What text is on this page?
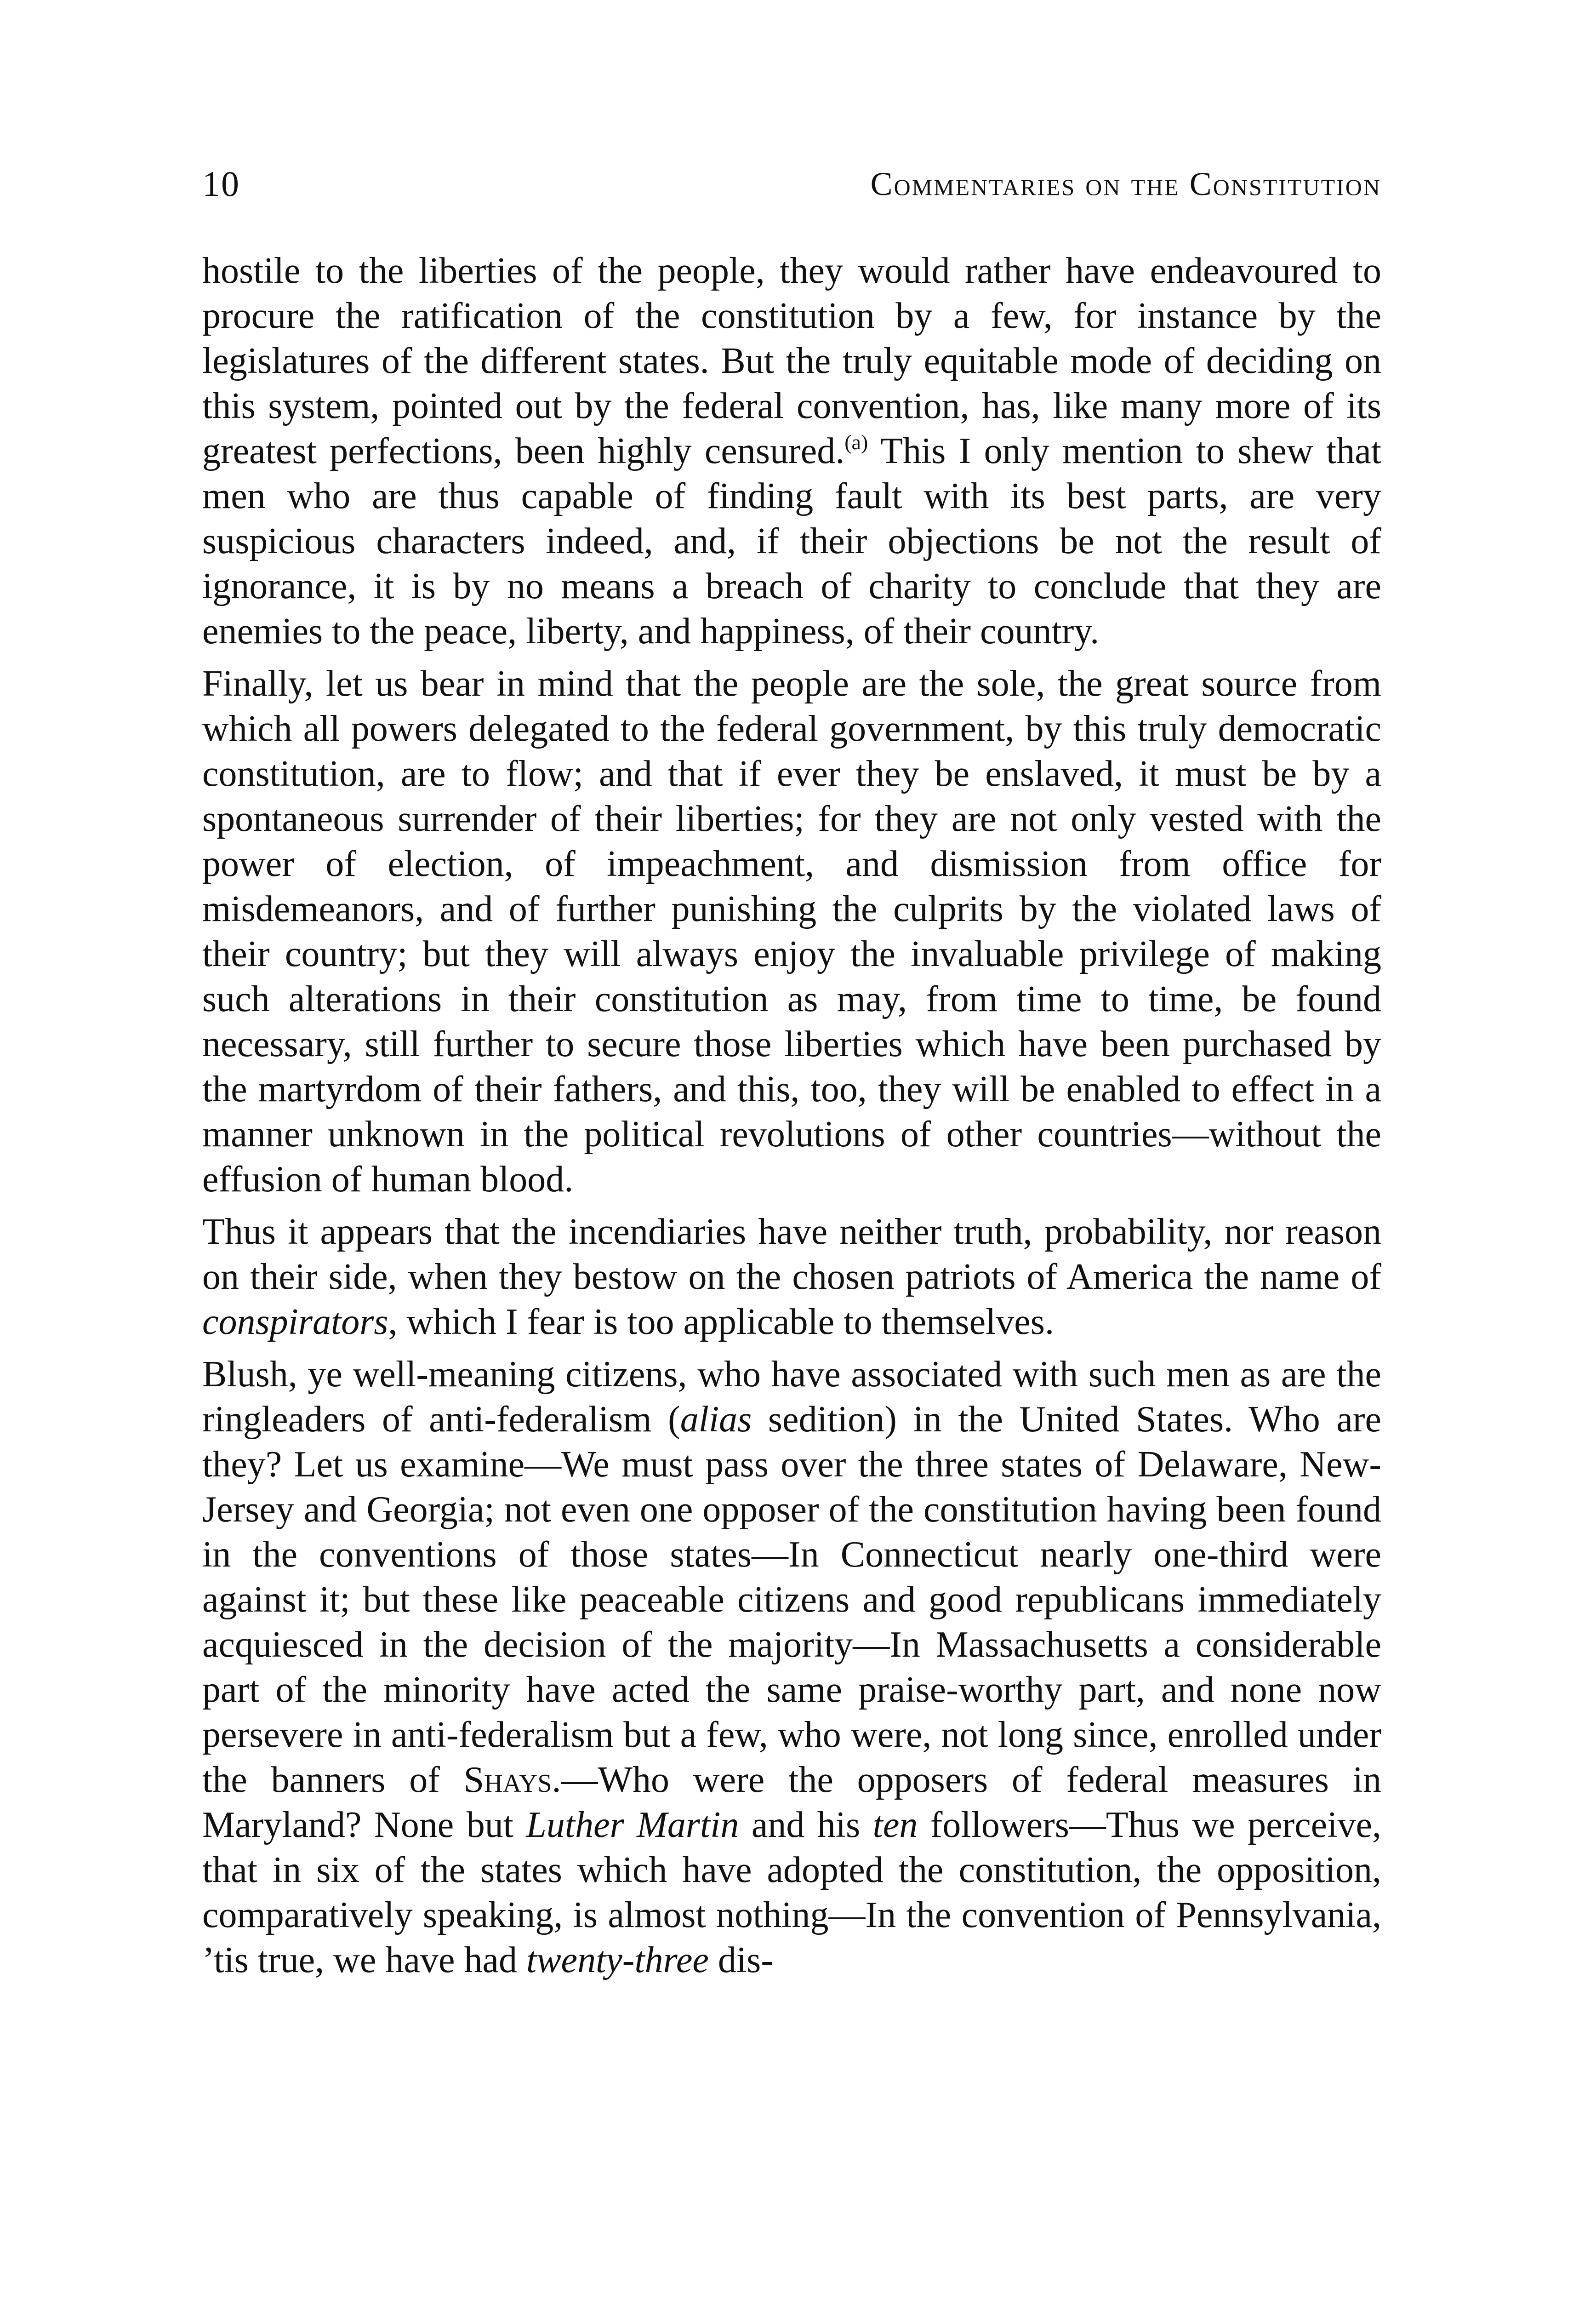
10	Commentaries on the Constitution

hostile to the liberties of the people, they would rather have endeavoured to procure the ratification of the constitution by a few, for instance by the legislatures of the different states. But the truly equitable mode of deciding on this system, pointed out by the federal convention, has, like many more of its greatest perfections, been highly censured.$^{(a)}$ This I only mention to shew that men who are thus capable of finding fault with its best parts, are very suspicious characters indeed, and, if their objections be not the result of ignorance, it is by no means a breach of charity to conclude that they are enemies to the peace, liberty, and happiness, of their country.

Finally, let us bear in mind that the people are the sole, the great source from which all powers delegated to the federal government, by this truly democratic constitution, are to flow; and that if ever they be enslaved, it must be by a spontaneous surrender of their liberties; for they are not only vested with the power of election, of impeachment, and dismission from office for misdemeanors, and of further punishing the culprits by the violated laws of their country; but they will always enjoy the invaluable privilege of making such alterations in their constitution as may, from time to time, be found necessary, still further to secure those liberties which have been purchased by the martyrdom of their fathers, and this, too, they will be enabled to effect in a manner unknown in the political revolutions of other countries—without the effusion of human blood.

Thus it appears that the incendiaries have neither truth, probability, nor reason on their side, when they bestow on the chosen patriots of America the name of conspirators, which I fear is too applicable to themselves.

Blush, ye well-meaning citizens, who have associated with such men as are the ringleaders of anti-federalism (alias sedition) in the United States. Who are they? Let us examine—We must pass over the three states of Delaware, New-Jersey and Georgia; not even one opposer of the constitution having been found in the conventions of those states—In Connecticut nearly one-third were against it; but these like peaceable citizens and good republicans immediately acquiesced in the decision of the majority—In Massachusetts a considerable part of the minority have acted the same praise-worthy part, and none now persevere in anti-federalism but a few, who were, not long since, enrolled under the banners of Shays.—Who were the opposers of federal measures in Maryland? None but Luther Martin and his ten followers—Thus we perceive, that in six of the states which have adopted the constitution, the opposition, comparatively speaking, is almost nothing—In the convention of Pennsylvania, ’tis true, we have had twenty-three dis-
